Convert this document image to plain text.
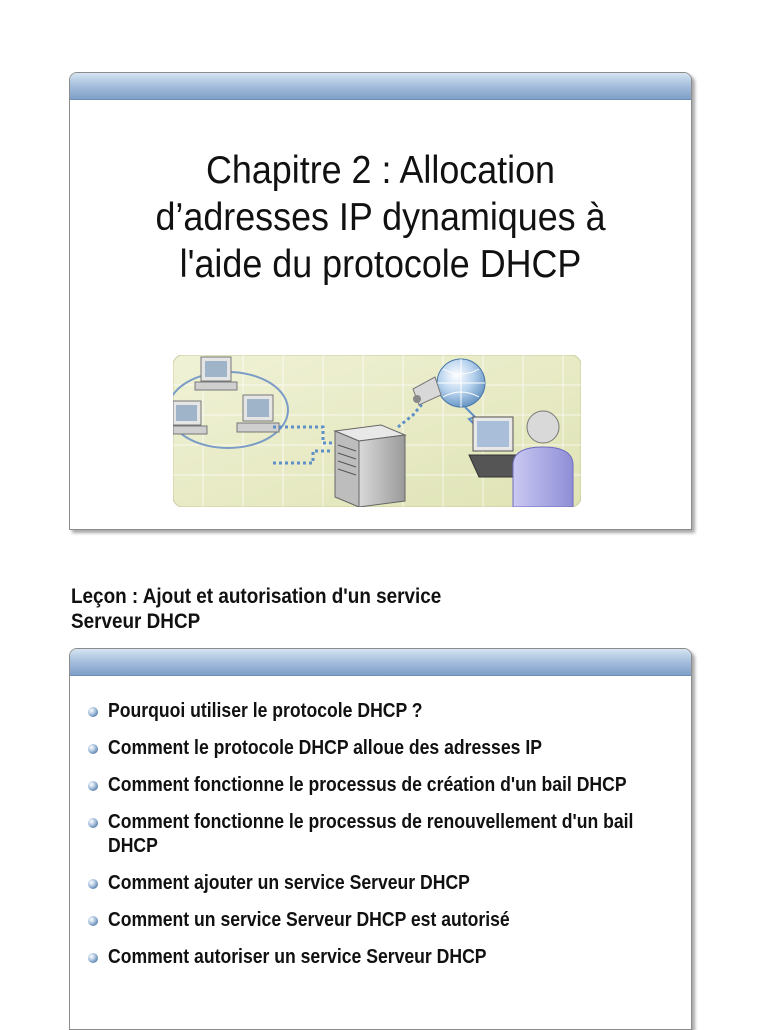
Chapitre 2 : Allocation
d’adresses IP dynamiques à
l'aide du protocole DHCP
Leçon : Ajout et autorisation d'un service
Serveur DHCP
Pourquoi utiliser le protocole DHCP ?
Comment le protocole DHCP alloue des adresses IP
Comment fonctionne le processus de création d'un bail DHCP
Comment fonctionne le processus de renouvellement d'un bail DHCP
Comment ajouter un service Serveur DHCP
Comment un service Serveur DHCP est autorisé
Comment autoriser un service Serveur DHCP
